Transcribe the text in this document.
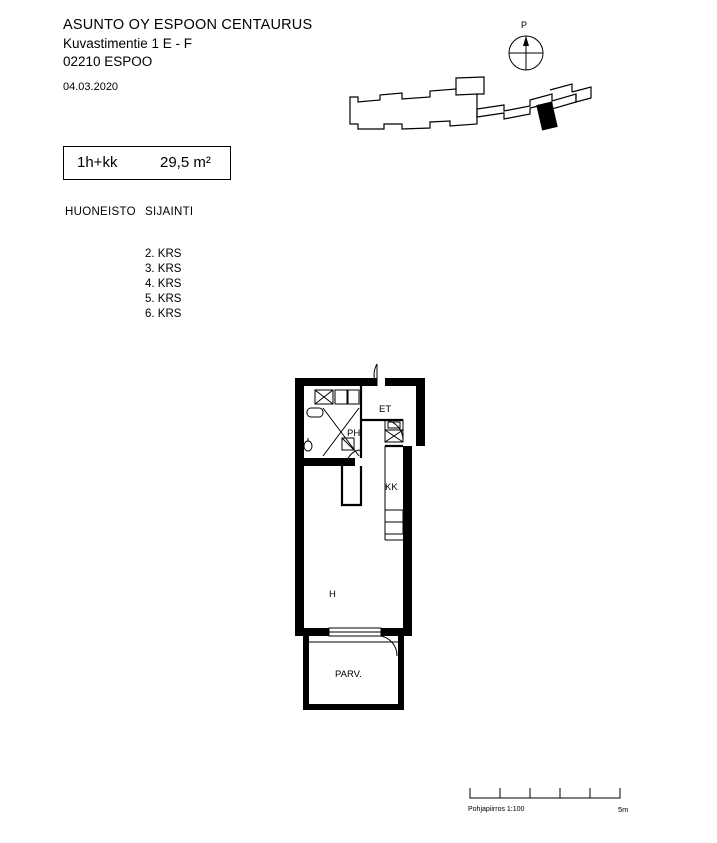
ASUNTO OY ESPOON CENTAURUS
Kuvastimentie 1 E - F
02210 ESPOO
04.03.2020
P
1h+kk	29,5 m²
HUONEISTO SIJAINTI
2. KRS
3. KRS
4. KRS
5. KRS
6. KRS
ET
PH
KK
H
PARV.
Pohjapiirros 1:100	5m
